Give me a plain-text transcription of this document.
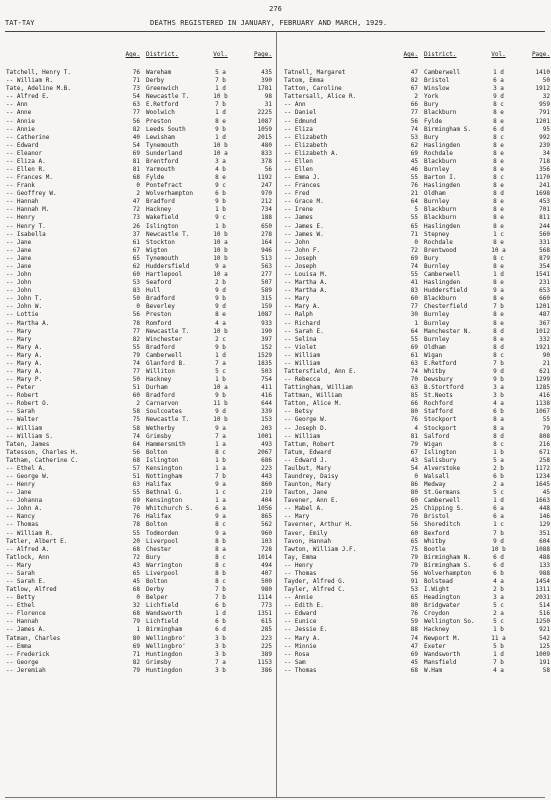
276
TAT-TAY	DEATHS REGISTERED IN JANUARY, FEBRUARY AND MARCH, 1929.
Age.	District.	Vol.	Page.
Tatchell, Henry T.	76	Wareham	5 a	435
-- William R.	71	Derby	7 b	390
Tate, Adeline M.B.	73	Greenwich	1 d	1781
-- Alfred E.	54	Newcastle T.	10 b	98
-- Ann	63	E.Retford	7 b	31
-- Anne	77	Woolwich	1 d	2225
-- Annie	56	Preston	8 e	1087
-- Annie	82	Leeds South	9 b	1059
-- Catherine	40	Lewisham	1 d	2015
-- Edward	54	Tynemouth	10 b	480
-- Eleanor	69	Sunderland	10 a	833
-- Eliza A.	81	Brentford	3 a	378
-- Ellen R.	81	Yarmouth	4 b	56
-- Frances M.	68	Fylde	8 e	1192
-- Frank	0	Pontefract	9 c	247
-- Geoffrey W.	2	Wolverhampton	6 b	970
-- Hannah	47	Bradford	9 b	212
-- Hannah M.	72	Hackney	1 b	734
-- Henry	73	Wakefield	9 c	188
-- Henry T.	26	Islington	1 b	650
-- Isabella	37	Newcastle T.	10 b	278
-- Jane	61	Stockton	10 a	164
-- Jane	67	Wigton	10 b	946
-- Jane	65	Tynemouth	10 b	513
-- Jane	62	Huddersfield	9 a	563
-- John	60	Hartlepool	10 a	277
-- John	53	Seaford	2 b	507
-- John	83	Hull	9 d	589
-- John T.	50	Bradford	9 b	315
-- John W.	0	Beverley	9 d	159
-- Lottie	56	Preston	8 e	1087
-- Martha A.	78	Romford	4 a	933
-- Mary	77	Newcastle T.	10 b	190
-- Mary	82	Winchester	2 c	397
-- Mary A.	55	Bradford	9 b	152
-- Mary A.	79	Camberwell	1 d	1529
-- Mary A.	74	Glanford B.	7 a	1835
-- Mary A.	77	Williton	5 c	503
-- Mary P.	50	Hackney	1 b	754
-- Peter	51	Durham	10 a	411
-- Robert	60	Bradford	9 b	416
-- Robert O.	2	Carnarvon	11 b	644
-- Sarah	58	Soulcoates	9 d	339
-- Walter	75	Newcastle T.	10 b	153
-- William	58	Wetherby	9 a	203
-- William S.	74	Grimsby	7 a	1001
Taten, James	64	Hammersmith	1 a	493
Tatesson, Charles H.	56	Bolton	8 c	2067
Tatham, Catherine C.	68	Islington	1 b	686
-- Ethel A.	57	Kensington	1 a	223
-- George W.	51	Nottingham	7 b	443
-- Henry	63	Halifax	9 a	860
-- Jane	55	Bethnal G.	1 c	219
-- Johanna	69	Kensington	1 a	404
-- John A.	70	Whitchurch S.	6 a	1056
-- Nancy	76	Halifax	9 a	865
-- Thomas	78	Bolton	8 c	562
-- William R.	55	Todmorden	9 a	960
Tatler, Albert E.	20	Liverpool	8 b	103
-- Alfred A.	68	Chester	8 a	728
Tatlock, Ann	72	Bury	8 c	1014
-- Mary	43	Warrington	8 c	494
-- Sarah	65	Liverpool	8 b	407
-- Sarah E.	45	Bolton	8 c	500
Tatlow, Alfred	68	Derby	7 b	980
-- Betty	0	Belper	7 b	1114
-- Ethel	32	Lichfield	6 b	773
-- Florence	68	Wandsworth	1 d	1351
-- Hannah	79	Lichfield	6 b	615
-- James A.	1	Birmingham	6 d	285
Tatman, Charles	80	Wellingbro'	3 b	223
-- Emma	69	Wellingbro'	3 b	225
-- Frederick	71	Huntingdon	3 b	389
-- George	82	Grimsby	7 a	1153
-- Jeremiah	79	Huntingdon	3 b	386
Age.	District.	Vol.	Page.
Tatnell, Margaret	47	Camberwell	1 d	1410
Tatom, Emma	82	Bristol	6 a	50
Tatton, Caroline	67	Winslow	3 a	1912
Tattersall, Alice R.	2	York	9 d	32
-- Ann	66	Bury	8 c	959
-- Daniel	77	Blackburn	8 e	791
-- Edmund	56	Fylde	8 e	1201
-- Eliza	74	Birmingham S.	6 d	95
-- Elizabeth	53	Bury	8 c	992
-- Elizabeth	62	Haslingden	8 e	239
-- Elizabeth A.	69	Rochdale	8 e	34
-- Ellen	45	Blackburn	8 e	718
-- Ellen	46	Burnley	8 e	356
-- Emma J.	55	Barton I.	8 c	1170
-- Frances	76	Haslingden	8 e	241
-- Fred	21	Oldham	8 d	1698
-- Grace M.	64	Burnley	8 e	453
-- Irene	5	Blackburn	8 e	701
-- James	55	Blackburn	8 e	811
-- James E.	65	Haslingden	8 e	244
-- James W.	71	Stepney	1 c	560
-- John	0	Rochdale	8 e	331
-- John F.	72	Brentwood	10 a	568
-- Joseph	69	Bury	8 c	879
-- Joseph	74	Burnley	8 e	354
-- Louisa M.	55	Camberwell	1 d	1541
-- Martha A.	41	Haslingden	8 e	231
-- Martha A.	83	Huddersfield	9 a	653
-- Mary	60	Blackburn	8 e	660
-- Mary A.	77	Chesterfield	7 b	1201
-- Ralph	30	Burnley	8 e	487
-- Richard	1	Burnley	8 e	367
-- Sarah E.	64	Manchester N.	8 d	1012
-- Selina	55	Burnley	8 e	332
-- Violet	69	Oldham	8 d	1921
-- William	61	Wigan	8 c	90
-- William	63	E.Retford	7 b	21
Tattersfield, Ann E.	74	Whitby	9 d	621
-- Rebecca	70	Dewsbury	9 b	1299
Tattingham, William	63	B.Stortford	3 a	1285
Tattman, William	85	St.Neots	3 b	416
Tatton, Alice M.	66	Rochford	4 a	1138
-- Betsy	80	Stafford	6 b	1067
-- George W.	76	Stockport	8 a	55
-- Joseph D.	4	Stockport	8 a	79
-- William	81	Salford	8 d	808
Tattum, Robert	79	Wigan	8 c	216
Tatum, Edward	67	Islington	1 b	671
-- Edward J.	43	Salisbury	5 a	258
Taulbut, Mary	54	Alverstoke	2 b	1172
Taundrey, Daisy	0	Walsall	6 b	1234
Taunton, Mary	86	Medway	2 a	1645
Tauton, Jane	80	St.Germans	5 c	45
Tavener, Ann E.	60	Camberwell	1 d	1663
-- Mabel A.	25	Chipping S.	6 a	448
-- Mary	70	Bristol	6 a	146
Taverner, Arthur H.	56	Shoreditch	1 c	129
Taver, Emily	60	Bexford	7 b	351
Tavon, Hannah	65	Whitby	9 d	604
Tawton, William J.F.	75	Bootle	10 b	1088
Tay, Emma	79	Birmingham N.	6 d	488
-- Henry	79	Birmingham S.	6 d	133
-- Thomas	56	Wolverhampton	6 b	988
Tayder, Alfred G.	91	Bolstead	4 a	1454
Tayler, Alfred C.	53	I.Wight	2 b	1311
-- Annie	65	Headington	3 a	2031
-- Edith E.	80	Bridgwater	5 c	514
-- Edward	76	Croydon	2 a	516
-- Eunice	59	Wellington So.	5 c	1250
-- Jessie E.	88	Hackney	1 b	921
-- Mary A.	74	Newport M.	11 a	542
-- Minnie	47	Exeter	5 b	125
-- Rosa	69	Wandsworth	1 d	1009
-- Sam	45	Mansfield	7 b	191
-- Thomas	68	W.Ham	4 a	58
